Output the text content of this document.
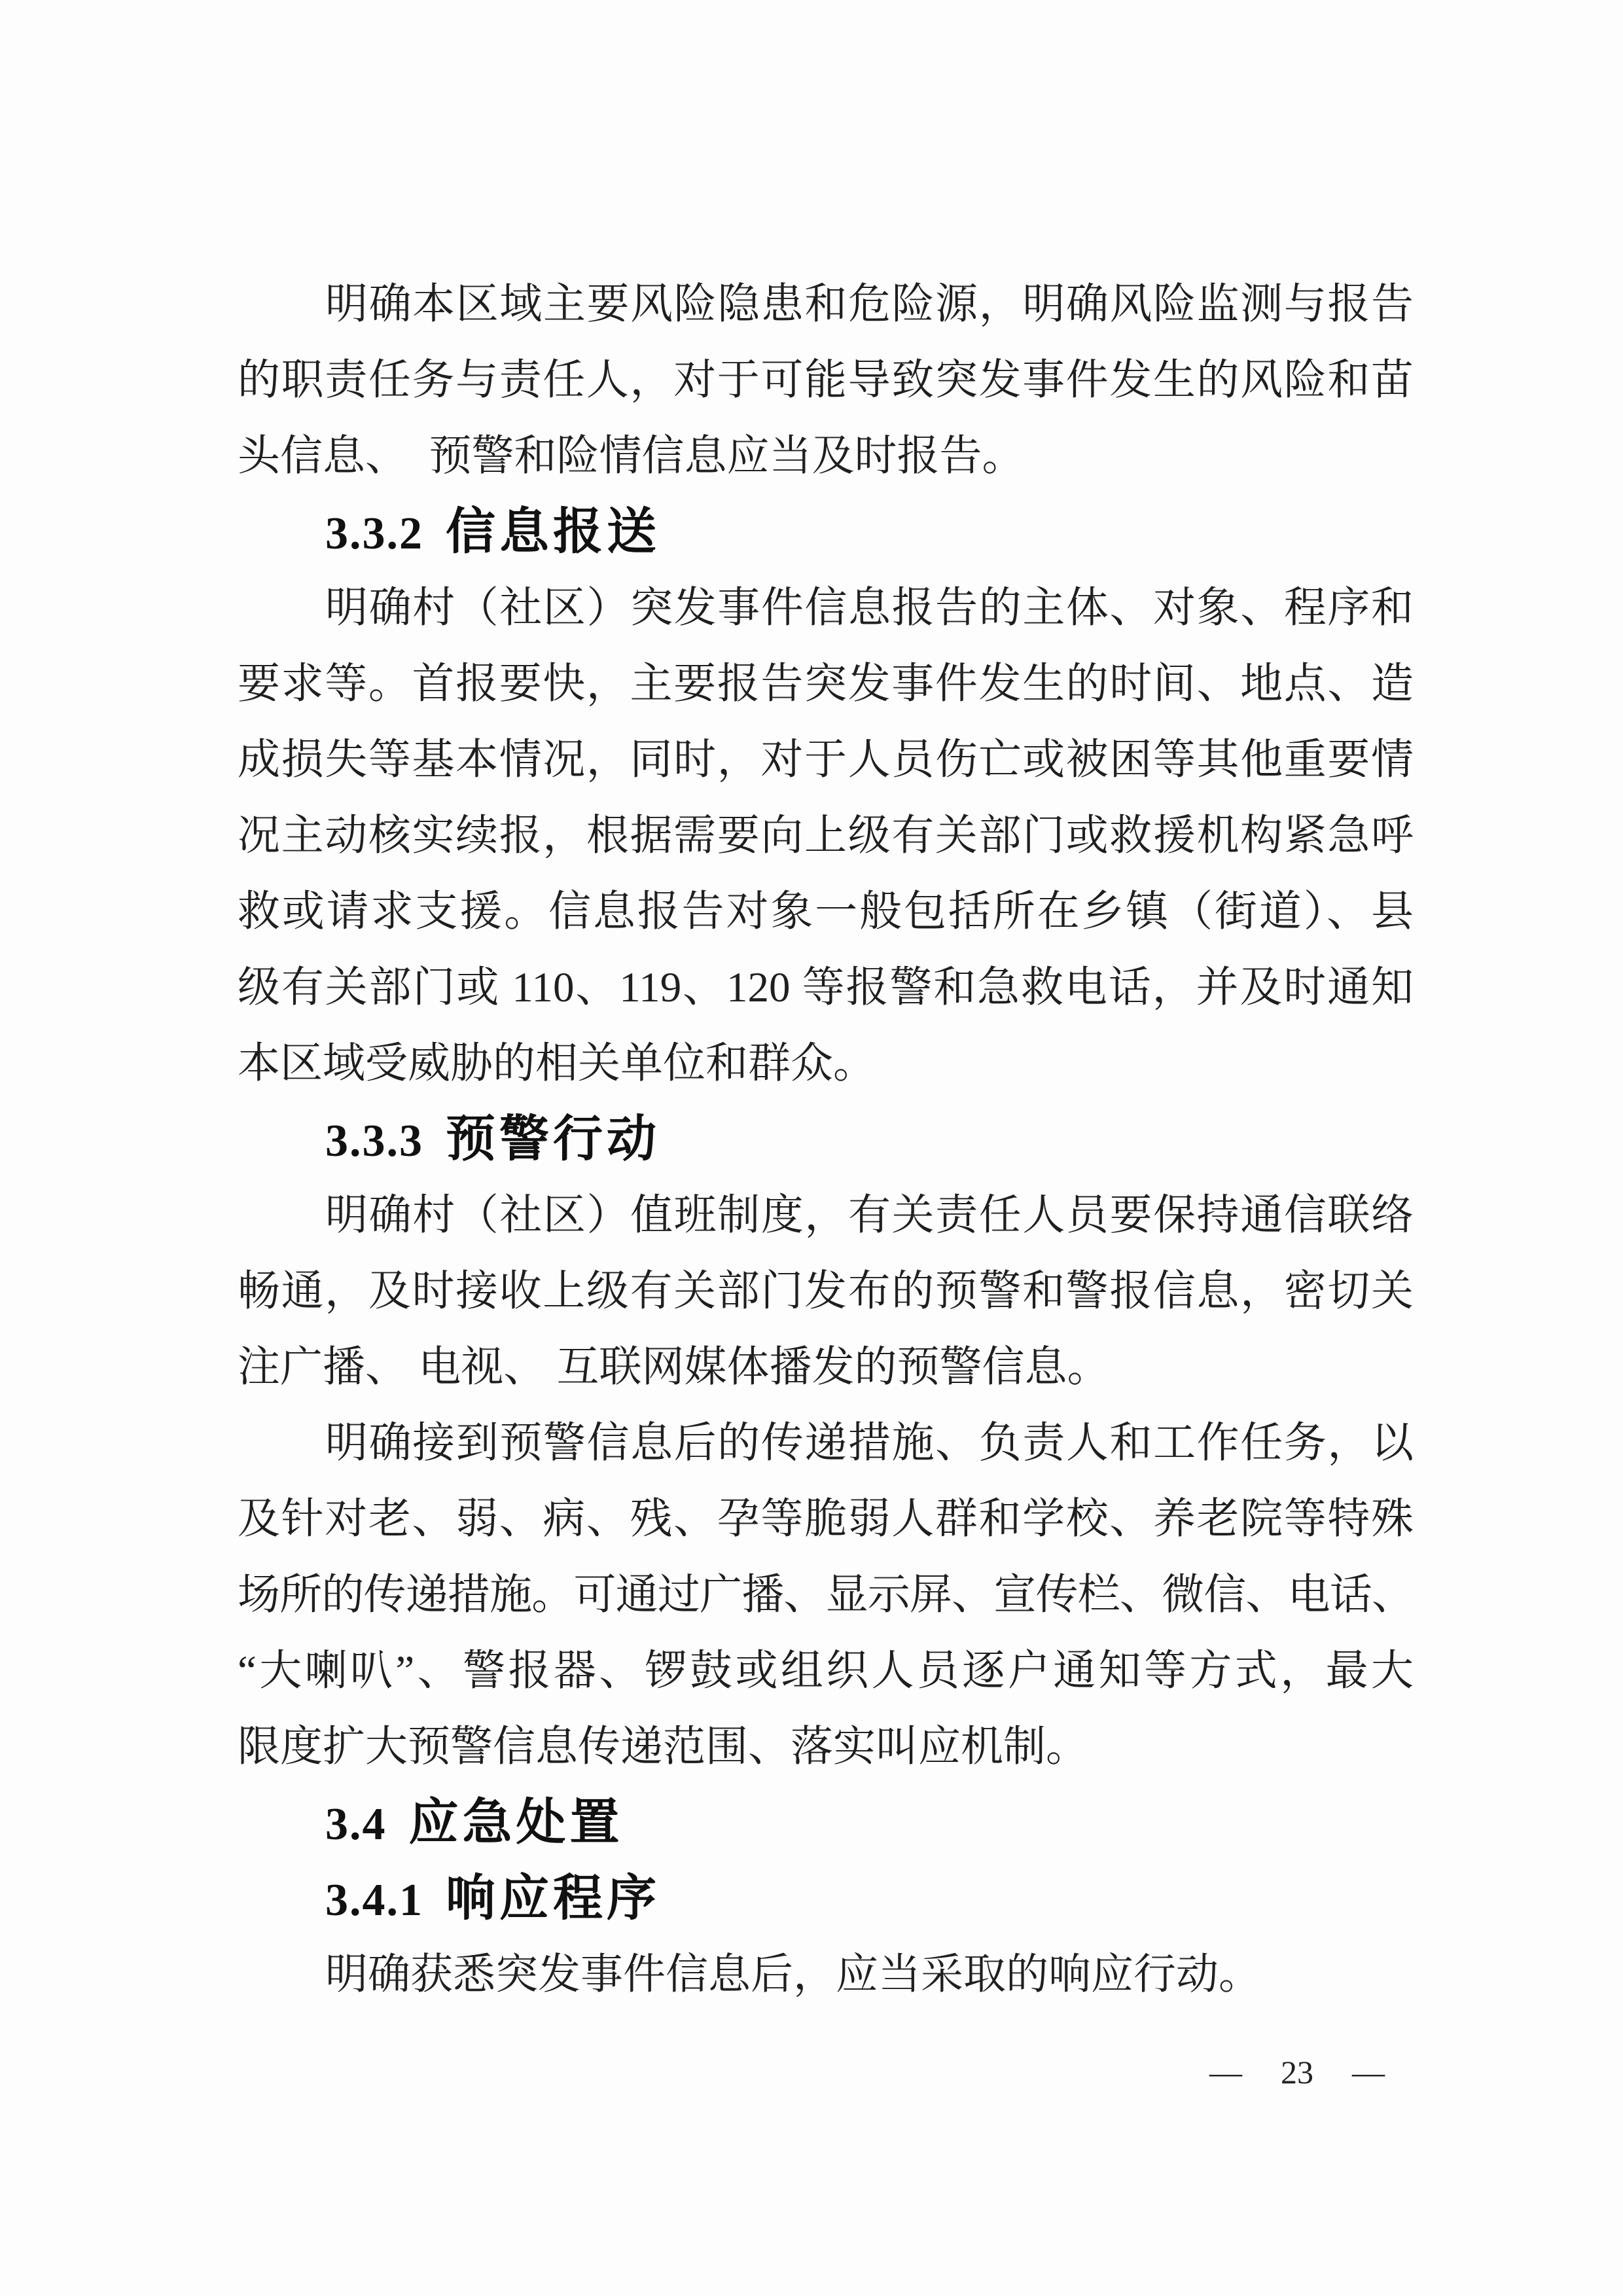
明确本区域主要风险隐患和危险源，明确风险监测与报告
的职责任务与责任人，对于可能导致突发事件发生的风险和苗
头信息、　预警和险情信息应当及时报告。
3.3.2 信息报送
明确村（社区）突发事件信息报告的主体、对象、程序和
要求等。首报要快，主要报告突发事件发生的时间、地点、造
成损失等基本情况，同时，对于人员伤亡或被困等其他重要情
况主动核实续报，根据需要向上级有关部门或救援机构紧急呼
救或请求支援。信息报告对象一般包括所在乡镇（街道）、县
级有关部门或 110、119、120 等报警和急救电话，并及时通知
本区域受威胁的相关单位和群众。
3.3.3 预警行动
明确村（社区）值班制度，有关责任人员要保持通信联络
畅通，及时接收上级有关部门发布的预警和警报信息，密切关
注广播、 电视、 互联网媒体播发的预警信息。
明确接到预警信息后的传递措施、负责人和工作任务，以
及针对老、弱、病、残、孕等脆弱人群和学校、养老院等特殊
场所的传递措施。可通过广播、显示屏、宣传栏、微信、电话、
“大喇叭”、警报器、锣鼓或组织人员逐户通知等方式，最大
限度扩大预警信息传递范围、落实叫应机制。
3.4 应急处置
3.4.1 响应程序
明确获悉突发事件信息后，应当采取的响应行动。
— 23 —
